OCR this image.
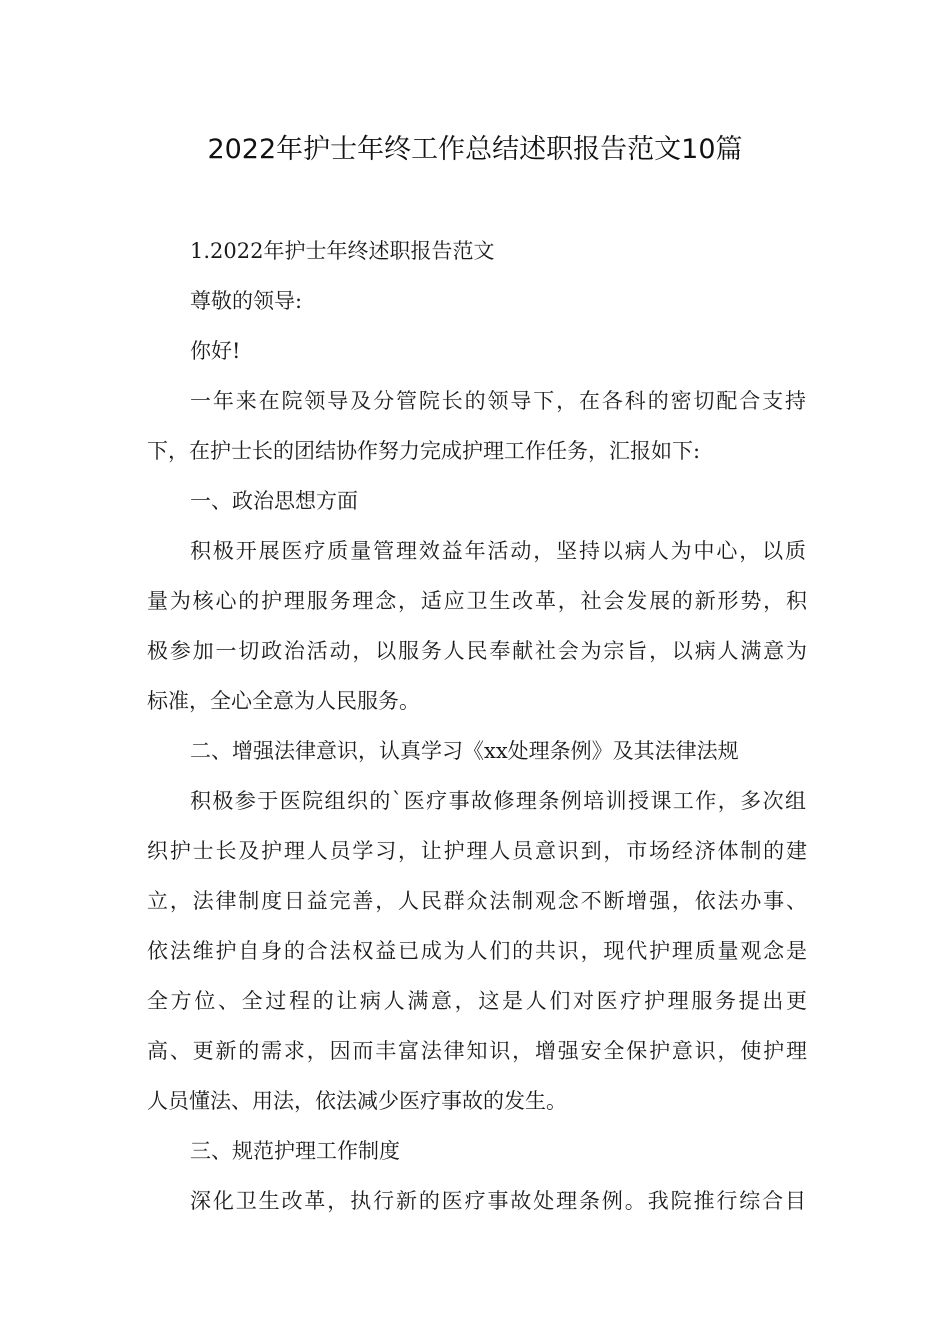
2022年护士年终工作总结述职报告范文10篇
1.2022年护士年终述职报告范文
尊敬的领导:
你好!
一年来在院领导及分管院长的领导下，在各科的密切配合支持
下，在护士长的团结协作努力完成护理工作任务，汇报如下:
一、政治思想方面
积极开展医疗质量管理效益年活动，坚持以病人为中心，以质
量为核心的护理服务理念，适应卫生改革，社会发展的新形势，积
极参加一切政治活动，以服务人民奉献社会为宗旨，以病人满意为
标准，全心全意为人民服务。
二、增强法律意识，认真学习《xx处理条例》及其法律法规
积极参于医院组织的`医疗事故修理条例培训授课工作，多次组
织护士长及护理人员学习，让护理人员意识到，市场经济体制的建
立，法律制度日益完善，人民群众法制观念不断增强，依法办事、
依法维护自身的合法权益已成为人们的共识，现代护理质量观念是
全方位、全过程的让病人满意，这是人们对医疗护理服务提出更
高、更新的需求，因而丰富法律知识，增强安全保护意识，使护理
人员懂法、用法，依法减少医疗事故的发生。
三、规范护理工作制度
深化卫生改革，执行新的医疗事故处理条例。我院推行综合目
